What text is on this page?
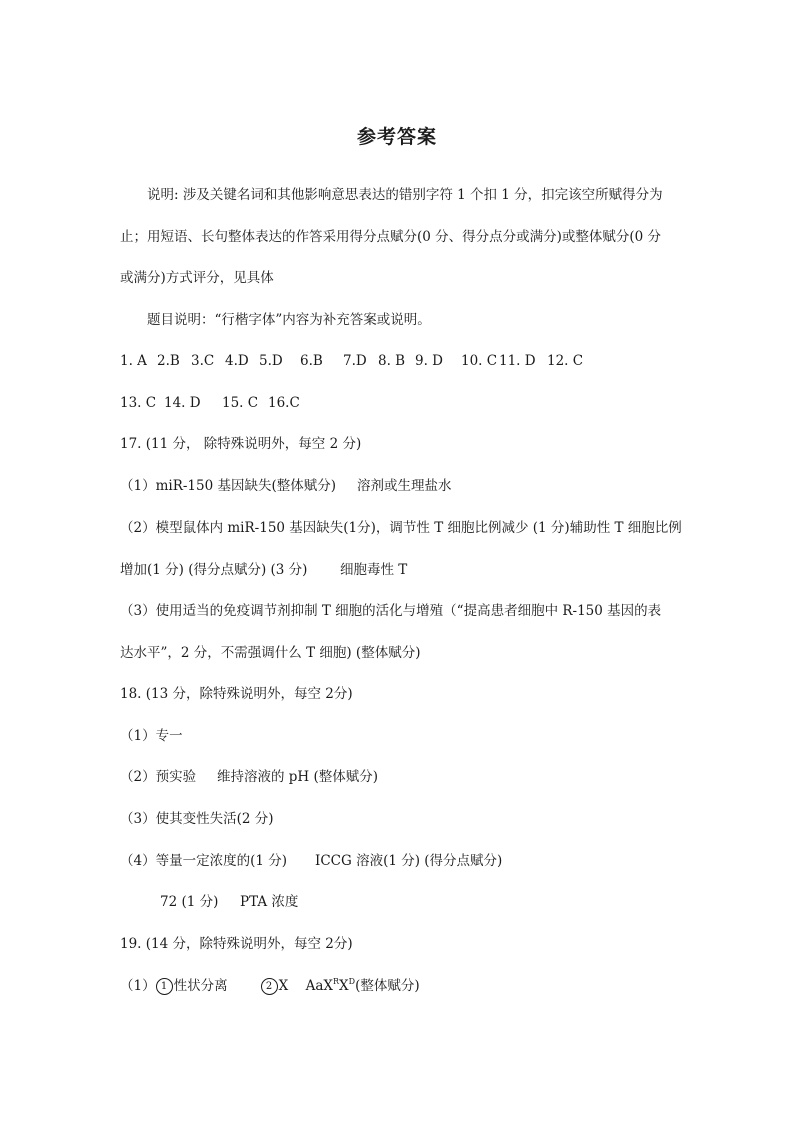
参考答案
说明: 涉及关键名词和其他影响意思表达的错别字符 1 个扣 1 分，扣完该空所赋得分为
止；用短语、长句整体表达的作答采用得分点赋分(0 分、得分点分或满分)或整体赋分(0 分
或满分)方式评分，见具体
题目说明：“行楷字体”内容为补充答案或说明。
1. A 2.B 3.C 4.D 5.D 6.B 7.D 8. B 9. D 10. C 11. D 12. C
13. C 14. D 15. C 16.C
17. (11 分， 除特殊说明外，每空 2 分)
（1）miR-150 基因缺失(整体赋分) 溶剂或生理盐水
（2）模型鼠体内 miR-150 基因缺失(1分)，调节性 T 细胞比例减少 (1 分)辅助性 T 细胞比例
增加(1 分) (得分点赋分) (3 分) 细胞毒性 T
（3）使用适当的免疫调节剂抑制 T 细胞的活化与增殖（“提高患者细胞中 R-150 基因的表
达水平”，2 分，不需强调什么 T 细胞) (整体赋分)
18. (13 分，除特殊说明外，每空 2分)
（1）专一
（2）预实验 维持溶液的 pH (整体赋分)
（3）使其变性失活(2 分)
（4）等量一定浓度的(1 分) ICCG 溶液(1 分) (得分点赋分)
72 (1 分) PTA 浓度
19. (14 分，除特殊说明外，每空 2分)
（1） 1 性状分离	2 X $AaX^RX^D$(整体赋分)
